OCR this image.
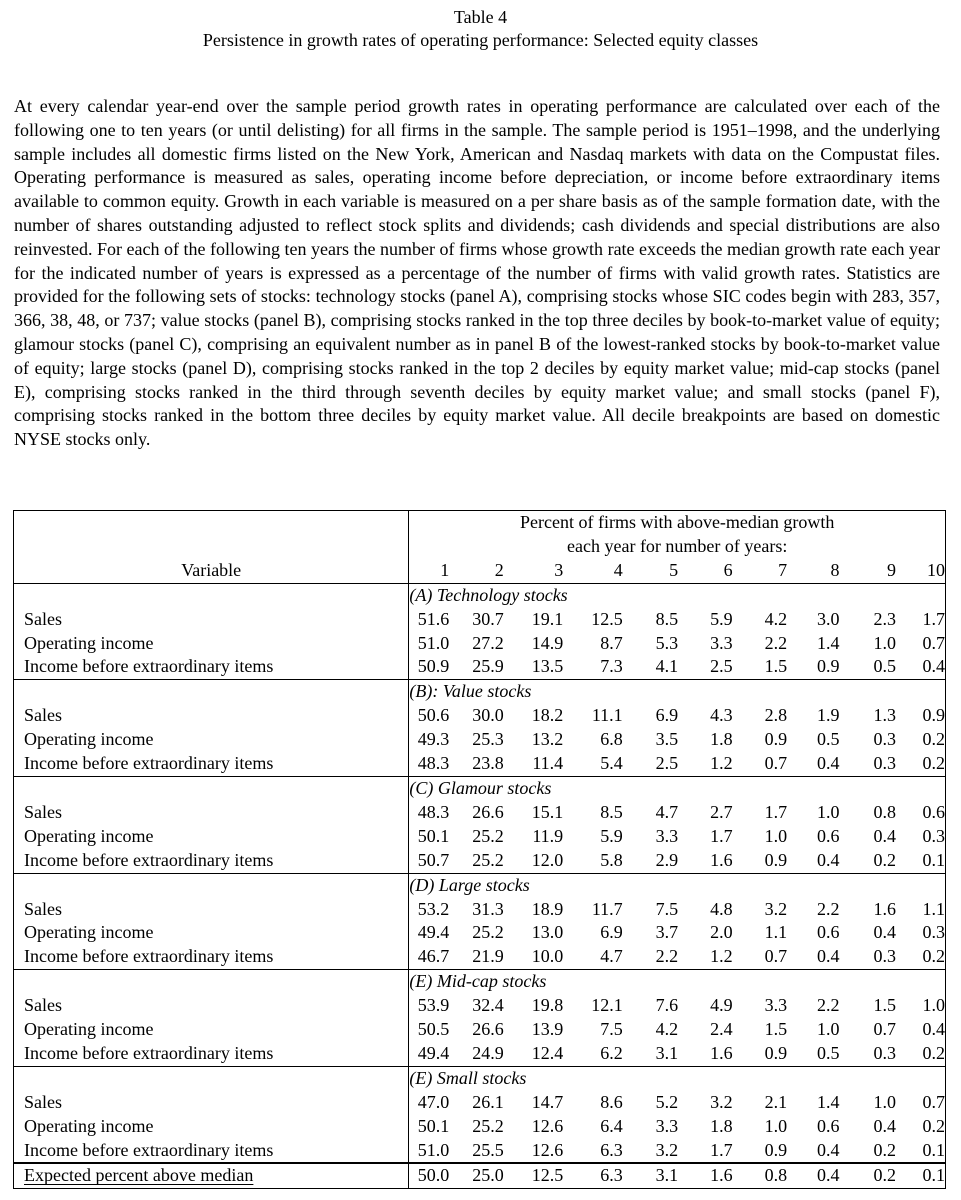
Table 4
Persistence in growth rates of operating performance: Selected equity classes

At every calendar year-end over the sample period growth rates in operating performance are calculated over each of the following one to ten years (or until delisting) for all firms in the sample. The sample period is 1951–1998, and the underlying sample includes all domestic firms listed on the New York, American and Nasdaq markets with data on the Compustat files. Operating performance is measured as sales, operating income before depreciation, or income before extraordinary items available to common equity. Growth in each variable is measured on a per share basis as of the sample formation date, with the number of shares outstanding adjusted to reflect stock splits and dividends; cash dividends and special distributions are also reinvested. For each of the following ten years the number of firms whose growth rate exceeds the median growth rate each year for the indicated number of years is expressed as a percentage of the number of firms with valid growth rates. Statistics are provided for the following sets of stocks: technology stocks (panel A), comprising stocks whose SIC codes begin with 283, 357, 366, 38, 48, or 737; value stocks (panel B), comprising stocks ranked in the top three deciles by book-to-market value of equity; glamour stocks (panel C), comprising an equivalent number as in panel B of the lowest-ranked stocks by book-to-market value of equity; large stocks (panel D), comprising stocks ranked in the top 2 deciles by equity market value; mid-cap stocks (panel E), comprising stocks ranked in the third through seventh deciles by equity market value; and small stocks (panel F), comprising stocks ranked in the bottom three deciles by equity market value. All decile breakpoints are based on domestic NYSE stocks only.

	Percent of firms with above-median growth									
	each year for number of years:									
Variable	1	2	3	4	5	6	7	8	9	10
	(A) Technology stocks									
Sales	51.6	30.7	19.1	12.5	8.5	5.9	4.2	3.0	2.3	1.7
Operating income	51.0	27.2	14.9	8.7	5.3	3.3	2.2	1.4	1.0	0.7
Income before extraordinary items	50.9	25.9	13.5	7.3	4.1	2.5	1.5	0.9	0.5	0.4
	(B): Value stocks									
Sales	50.6	30.0	18.2	11.1	6.9	4.3	2.8	1.9	1.3	0.9
Operating income	49.3	25.3	13.2	6.8	3.5	1.8	0.9	0.5	0.3	0.2
Income before extraordinary items	48.3	23.8	11.4	5.4	2.5	1.2	0.7	0.4	0.3	0.2
	(C) Glamour stocks									
Sales	48.3	26.6	15.1	8.5	4.7	2.7	1.7	1.0	0.8	0.6
Operating income	50.1	25.2	11.9	5.9	3.3	1.7	1.0	0.6	0.4	0.3
Income before extraordinary items	50.7	25.2	12.0	5.8	2.9	1.6	0.9	0.4	0.2	0.1
	(D) Large stocks									
Sales	53.2	31.3	18.9	11.7	7.5	4.8	3.2	2.2	1.6	1.1
Operating income	49.4	25.2	13.0	6.9	3.7	2.0	1.1	0.6	0.4	0.3
Income before extraordinary items	46.7	21.9	10.0	4.7	2.2	1.2	0.7	0.4	0.3	0.2
	(E) Mid-cap stocks									
Sales	53.9	32.4	19.8	12.1	7.6	4.9	3.3	2.2	1.5	1.0
Operating income	50.5	26.6	13.9	7.5	4.2	2.4	1.5	1.0	0.7	0.4
Income before extraordinary items	49.4	24.9	12.4	6.2	3.1	1.6	0.9	0.5	0.3	0.2
	(E) Small stocks									
Sales	47.0	26.1	14.7	8.6	5.2	3.2	2.1	1.4	1.0	0.7
Operating income	50.1	25.2	12.6	6.4	3.3	1.8	1.0	0.6	0.4	0.2
Income before extraordinary items	51.0	25.5	12.6	6.3	3.2	1.7	0.9	0.4	0.2	0.1
Expected percent above median	50.0	25.0	12.5	6.3	3.1	1.6	0.8	0.4	0.2	0.1
